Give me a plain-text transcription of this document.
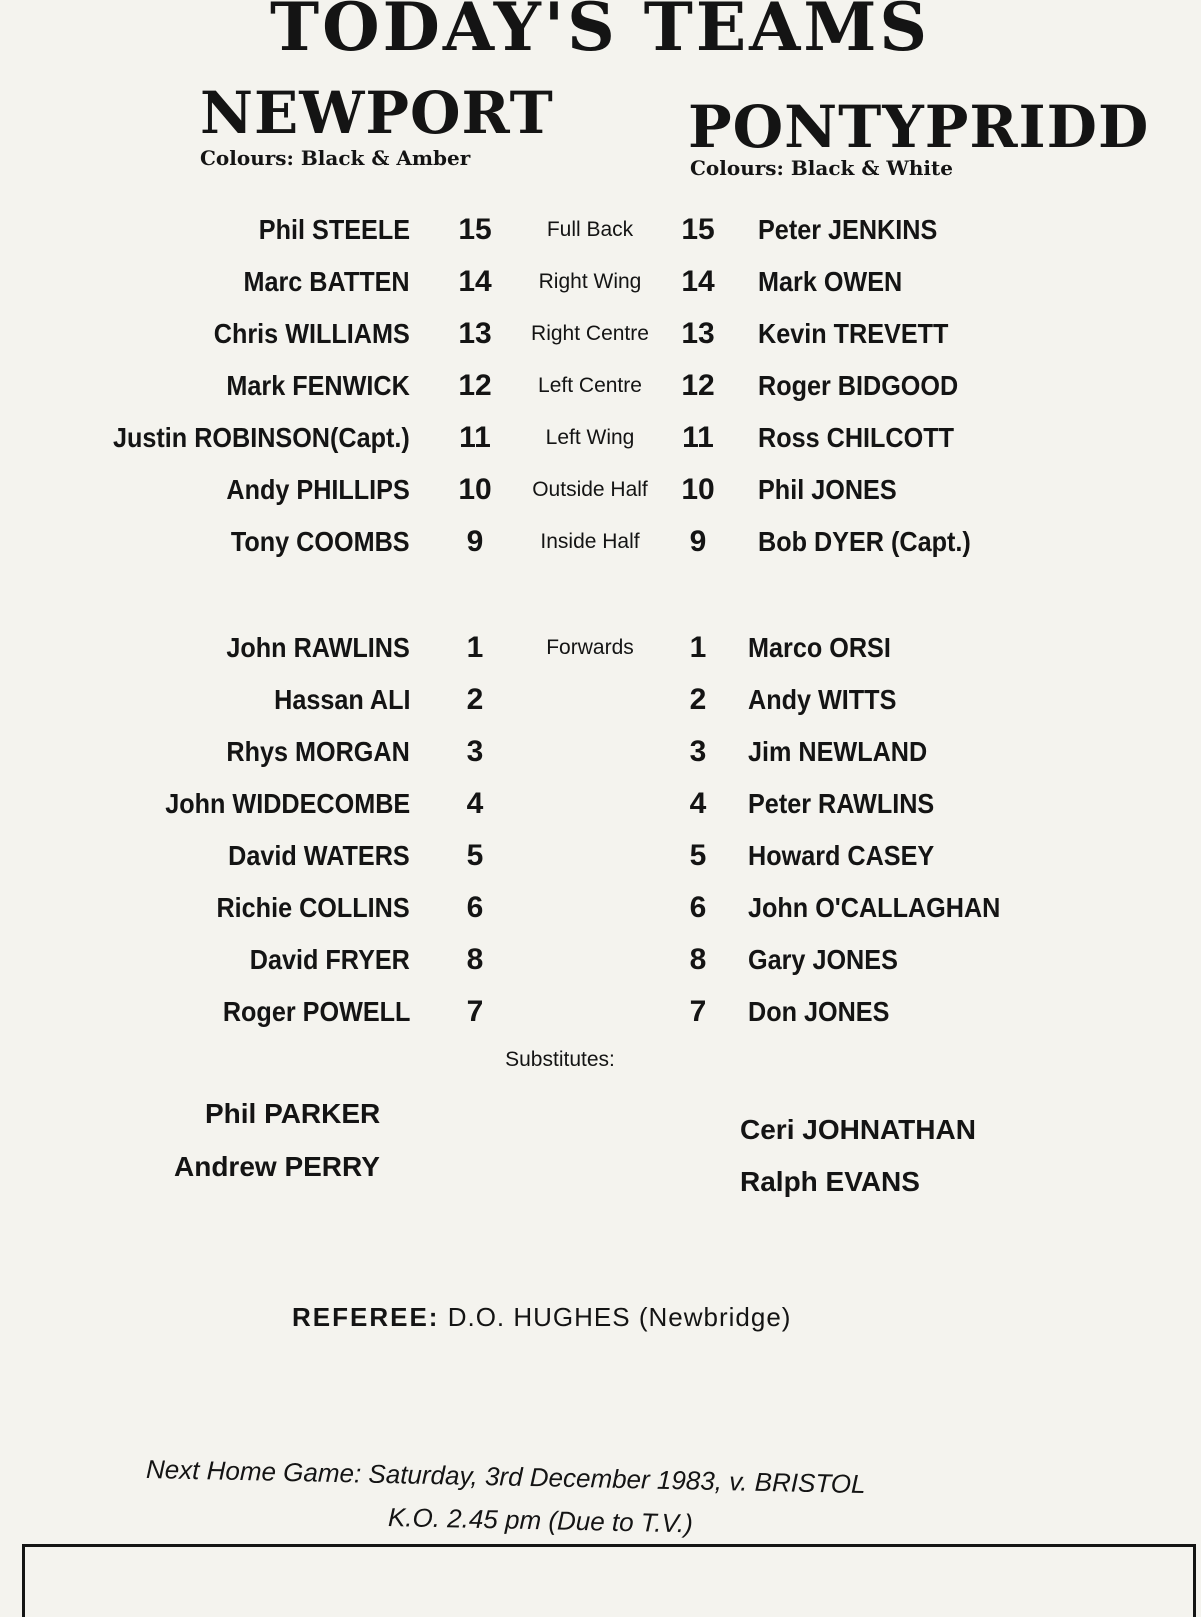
TODAY'S TEAMS
NEWPORT
Colours: Black & Amber	PONTYPRIDD
Colours: Black & White
Phil STEELE 15	Full Back	15 Peter JENKINS
Marc BATTEN 14	Right Wing	14 Mark OWEN
Chris WILLIAMS 13	Right Centre	13 Kevin TREVETT
Mark FENWICK 12	Left Centre	12 Roger BIDGOOD
Justin ROBINSON(Capt.)	11	Left Wing	11	Ross CHILCOTT
Andy PHILLIPS 10	Outside Half	10 Phil JONES
Tony COOMBS	9	Inside Half	9	Bob DYER (Capt.)
John RAWLINS	1	Forwards	1	Marco ORSI
Hassan ALI	2	2	Andy WITTS
Rhys MORGAN	3	3	Jim NEWLAND
John WIDDECOMBE	4	4	Peter RAWLINS
David WATERS	5	5	Howard CASEY
Richie COLLINS	6	6	John O'CALLAGHAN
David FRYER	8	8	Gary JONES
Roger POWELL	7	7	Don JONES
Substitutes:
Phil PARKER
Andrew PERRY
Ceri JOHNATHAN
Ralph EVANS
REFEREE: D.O. HUGHES (Newbridge)
Next Home Game: Saturday, 3rd December 1983, v. BRISTOL
K.O. 2.45 pm (Due to T.V.)
